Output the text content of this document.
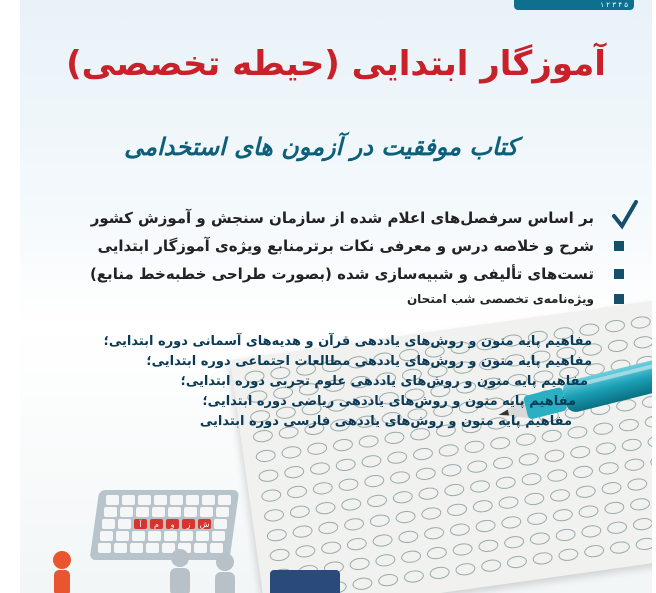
۱ ۲ ۳ ۴ ۵
آموزگار ابتدایی (حیطه تخصصی)
کتاب موفقیت در آزمون های استخدامی
آ م و ز ش
بر اساس سرفصل‌های اعلام شده از سازمان سنجش و آموزش کشور
شرح و خلاصه درس و معرفی نکات برترمنابع ویژه‌ی آموزگار ابتدایی
تست‌های تألیفی و شبیه‌سازی شده (بصورت طراحی خطبه‌خط منابع)
ویژه‌نامه‌ی تخصصی شب امتحان
مفاهیم پایه متون و روش‌های یاددهی قرآن و هدیه‌های آسمانی دوره ابتدایی؛
مفاهیم پایه متون و روش‌های یاددهی مطالعات اجتماعی دوره ابتدایی؛
مفاهیم پایه متون و روش‌های یاددهی علوم تجربی دوره ابتدایی؛
مفاهیم پایه متون و روش‌های یاددهی ریاضی دوره ابتدایی؛
مفاهیم پایه متون و روش‌های یاددهی فارسی دوره ابتدایی
